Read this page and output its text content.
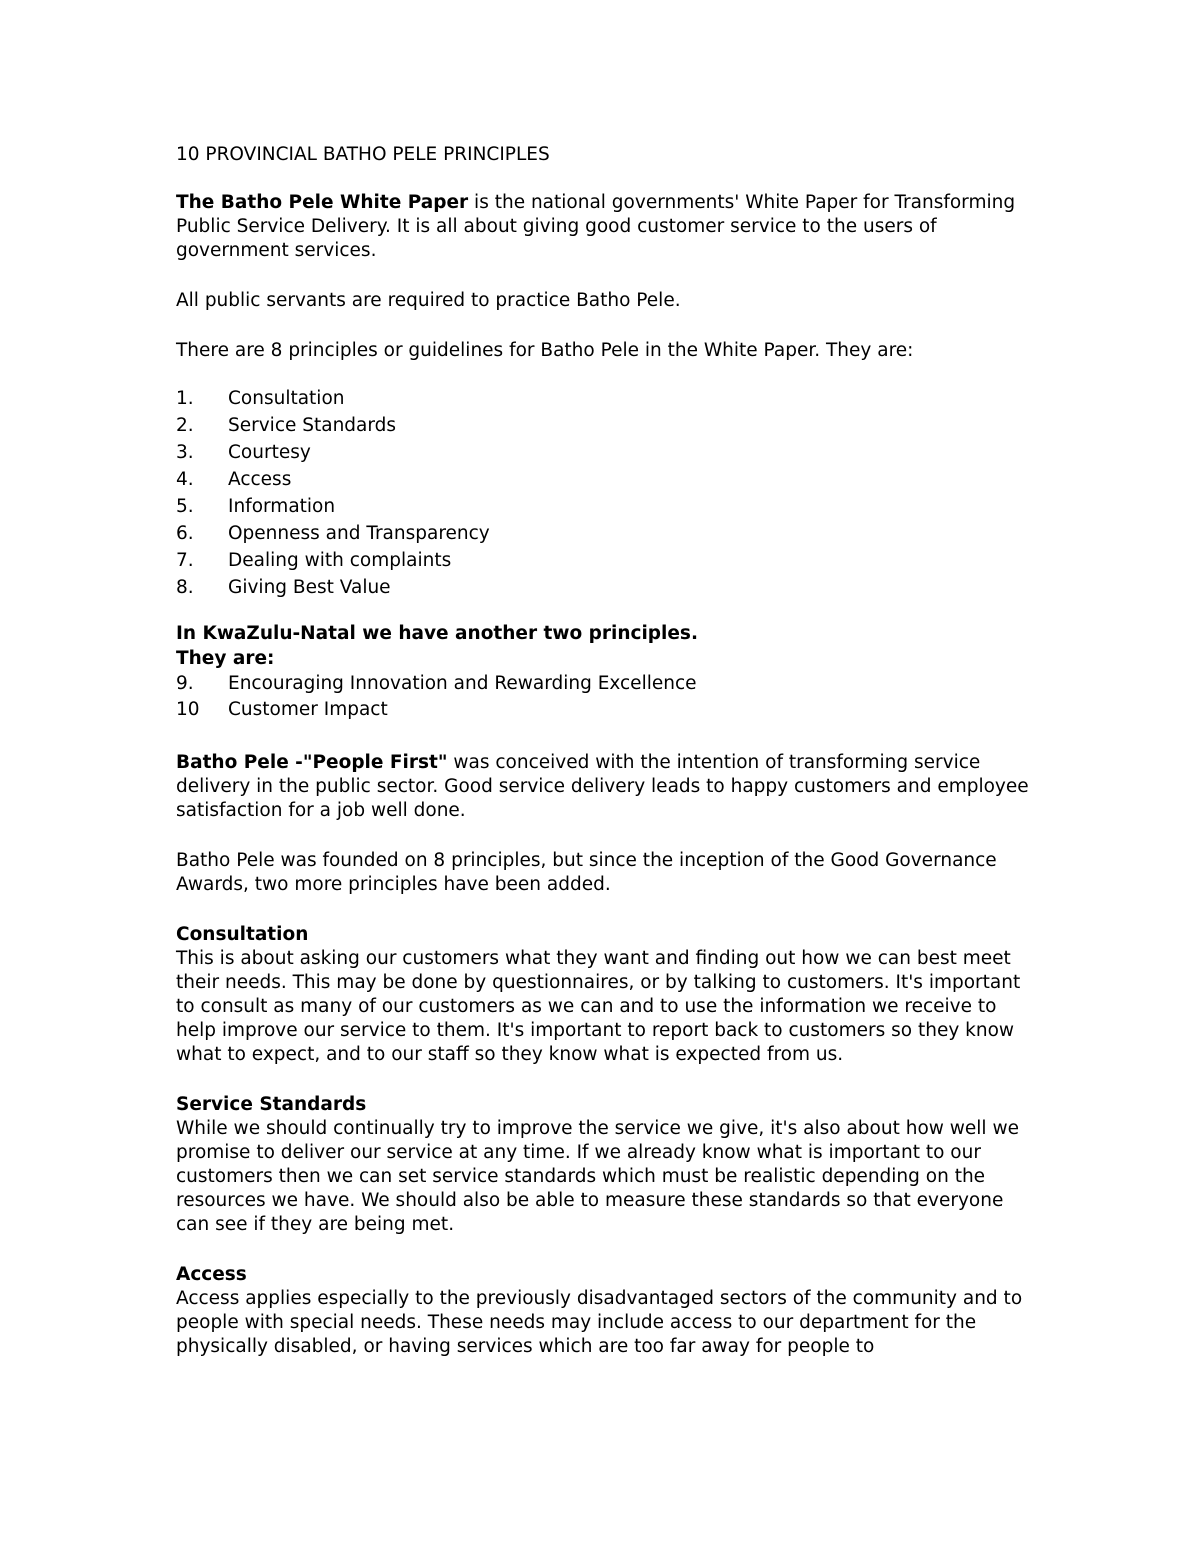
10 PROVINCIAL BATHO PELE PRINCIPLES

The Batho Pele White Paper is the national governments' White Paper for Transforming Public Service Delivery. It is all about giving good customer service to the users of government services.

All public servants are required to practice Batho Pele.

There are 8 principles or guidelines for Batho Pele in the White Paper. They are:

1.	Consultation
2.	Service Standards
3.	Courtesy
4.	Access
5.	Information
6.	Openness and Transparency
7.	Dealing with complaints
8.	Giving Best Value
In KwaZulu-Natal we have another two principles.
They are:
9.	Encouraging Innovation and Rewarding Excellence
10	Customer Impact

Batho Pele -"People First" was conceived with the intention of transforming service delivery in the public sector. Good service delivery leads to happy customers and employee satisfaction for a job well done.

Batho Pele was founded on 8 principles, but since the inception of the Good Governance Awards, two more principles have been added.

Consultation
This is about asking our customers what they want and finding out how we can best meet their needs. This may be done by questionnaires, or by talking to customers. It's important to consult as many of our customers as we can and to use the information we receive to help improve our service to them. It's important to report back to customers so they know what to expect, and to our staff so they know what is expected from us.
Service Standards
While we should continually try to improve the service we give, it's also about how well we promise to deliver our service at any time. If we already know what is important to our customers then we can set service standards which must be realistic depending on the resources we have. We should also be able to measure these standards so that everyone can see if they are being met.
Access
Access applies especially to the previously disadvantaged sectors of the community and to people with special needs. These needs may include access to our department for the physically disabled, or having services which are too far away for people to
